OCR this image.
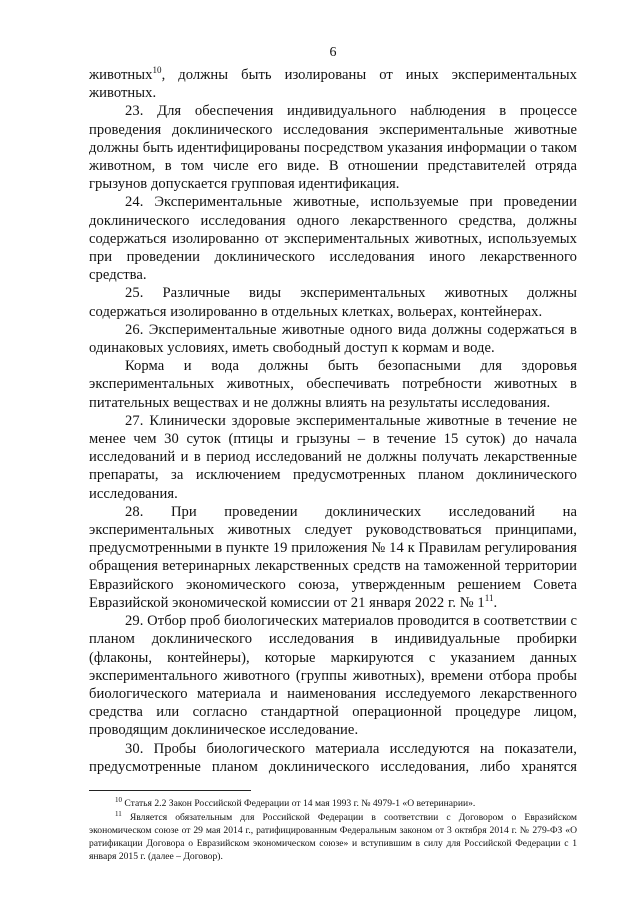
6

животных$^{10}$, должны быть изолированы от иных экспериментальных животных.

23. Для обеспечения индивидуального наблюдения в процессе проведения доклинического исследования экспериментальные животные должны быть идентифицированы посредством указания информации о таком животном, в том числе его виде. В отношении представителей отряда грызунов допускается групповая идентификация.

24. Экспериментальные животные, используемые при проведении доклинического исследования одного лекарственного средства, должны содержаться изолированно от экспериментальных животных, используемых при проведении доклинического исследования иного лекарственного средства.

25. Различные виды экспериментальных животных должны содержаться изолированно в отдельных клетках, вольерах, контейнерах.

26. Экспериментальные животные одного вида должны содержаться в одинаковых условиях, иметь свободный доступ к кормам и воде.

Корма и вода должны быть безопасными для здоровья экспериментальных животных, обеспечивать потребности животных в питательных веществах и не должны влиять на результаты исследования.

27. Клинически здоровые экспериментальные животные в течение не менее чем 30 суток (птицы и грызуны – в течение 15 суток) до начала исследований и в период исследований не должны получать лекарственные препараты, за исключением предусмотренных планом доклинического исследования.

28. При проведении доклинических исследований на экспериментальных животных следует руководствоваться принципами, предусмотренными в пункте 19 приложения № 14 к Правилам регулирования обращения ветеринарных лекарственных средств на таможенной территории Евразийского экономического союза, утвержденным решением Совета Евразийской экономической комиссии от 21 января 2022 г. № $1^{11}$.

29. Отбор проб биологических материалов проводится в соответствии с планом доклинического исследования в индивидуальные пробирки (флаконы, контейнеры), которые маркируются с указанием данных экспериментального животного (группы животных), времени отбора пробы биологического материала и наименования исследуемого лекарственного средства или согласно стандартной операционной процедуре лицом, проводящим доклиническое исследование.

30. Пробы биологического материала исследуются на показатели, предусмотренные планом доклинического исследования, либо хранятся

$^{10}$ Статья 2.2 Закон Российской Федерации от 14 мая 1993 г. № 4979-1 «О ветеринарии».

$^{11}$ Является обязательным для Российской Федерации в соответствии с Договором о Евразийском экономическом союзе от 29 мая 2014 г., ратифицированным Федеральным законом от 3 октября 2014 г. № 279-ФЗ «О ратификации Договора о Евразийском экономическом союзе» и вступившим в силу для Российской Федерации с 1 января 2015 г. (далее – Договор).
